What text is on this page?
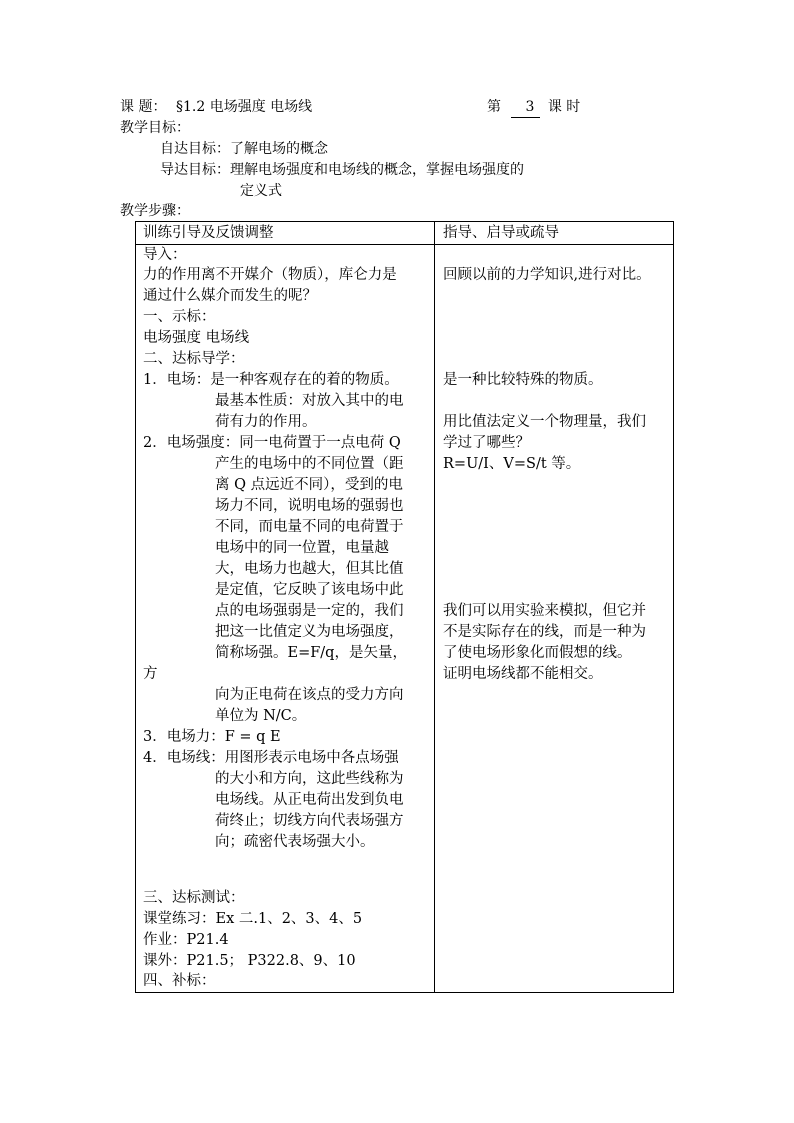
课 题： §1.2 电场强度 电场线	第 3 课 时
教学目标：
自达目标：了解电场的概念
导达目标：理解电场强度和电场线的概念，掌握电场强度的
定义式
教学步骤：
训练引导及反馈调整	指导、启导或疏导
导入：
力的作用离不开媒介（物质），库仑力是
通过什么媒介而发生的呢？
一、示标：
电场强度 电场线
二、达标导学：
1．电场：是一种客观存在的着的物质。
最基本性质：对放入其中的电
荷有力的作用。
2．电场强度：同一电荷置于一点电荷 Q
产生的电场中的不同位置（距
离 Q 点远近不同），受到的电
场力不同，说明电场的强弱也
不同，而电量不同的电荷置于
电场中的同一位置，电量越
大，电场力也越大，但其比值
是定值，它反映了该电场中此
点的电场强弱是一定的，我们
把这一比值定义为电场强度，
简称场强。E=F/q，是矢量，
方
向为正电荷在该点的受力方向
单位为 N/C。
3．电场力：F = q E
4．电场线：用图形表示电场中各点场强
的大小和方向，这此些线称为
电场线。从正电荷出发到负电
荷终止；切线方向代表场强方
向；疏密代表场强大小。
三、达标测试：
课堂练习：Ex 二.1、2、3、4、5
作业：P21.4
课外：P21.5； P322.8、9、10
四、补标：
回顾以前的力学知识,进行对比。
是一种比较特殊的物质。
用比值法定义一个物理量，我们
学过了哪些？
R=U/I、V=S/t 等。
我们可以用实验来模拟，但它并
不是实际存在的线，而是一种为
了使电场形象化而假想的线。
证明电场线都不能相交。
